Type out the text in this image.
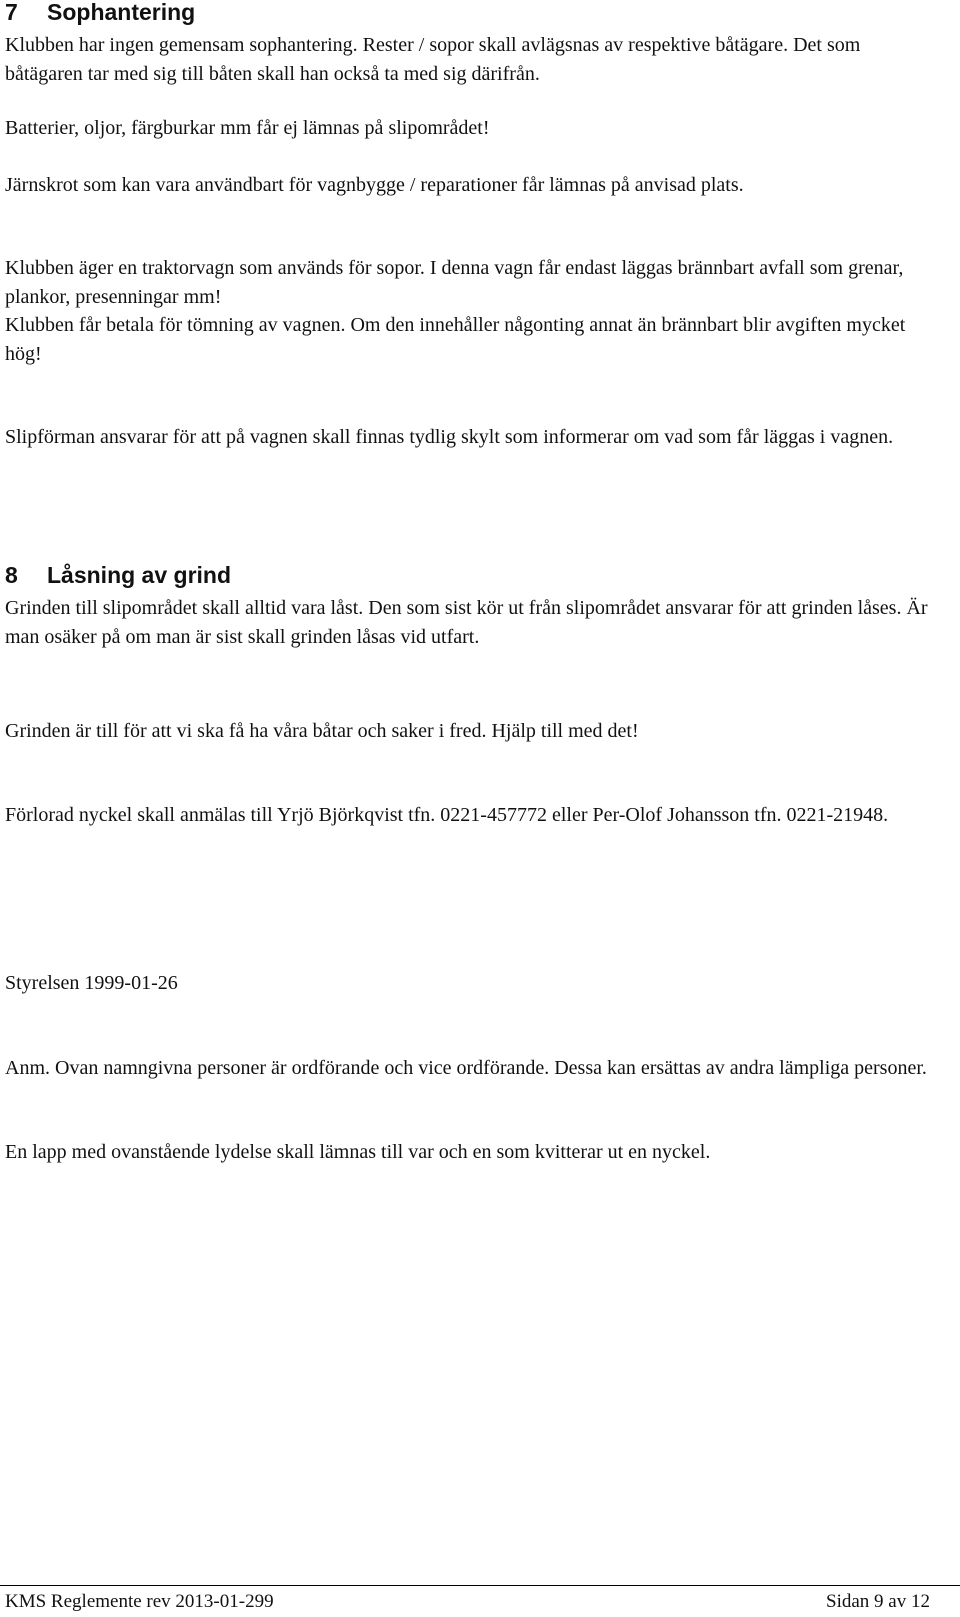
7 Sophantering

Klubben har ingen gemensam sophantering. Rester / sopor skall avlägsnas av respektive båtägare. Det som båtägaren tar med sig till båten skall han också ta med sig därifrån.

Batterier, oljor, färgburkar mm får ej lämnas på slipområdet!

Järnskrot som kan vara användbart för vagnbygge / reparationer får lämnas på anvisad plats.

Klubben äger en traktorvagn som används för sopor. I denna vagn får endast läggas brännbart avfall som grenar, plankor, presenningar mm!

Klubben får betala för tömning av vagnen. Om den innehåller någonting annat än brännbart blir avgiften mycket hög!

Slipförman ansvarar för att på vagnen skall finnas tydlig skylt som informerar om vad som får läggas i vagnen.

8 Låsning av grind

Grinden till slipområdet skall alltid vara låst. Den som sist kör ut från slipområdet ansvarar för att grinden låses. Är man osäker på om man är sist skall grinden låsas vid utfart.

Grinden är till för att vi ska få ha våra båtar och saker i fred. Hjälp till med det!

Förlorad nyckel skall anmälas till Yrjö Björkqvist tfn. 0221-457772 eller Per-Olof Johansson tfn. 0221-21948.

Styrelsen 1999-01-26

Anm. Ovan namngivna personer är ordförande och vice ordförande. Dessa kan ersättas av andra lämpliga personer.

En lapp med ovanstående lydelse skall lämnas till var och en som kvitterar ut en nyckel.

KMS Reglemente rev 2013-01-299	Sidan 9 av 12
